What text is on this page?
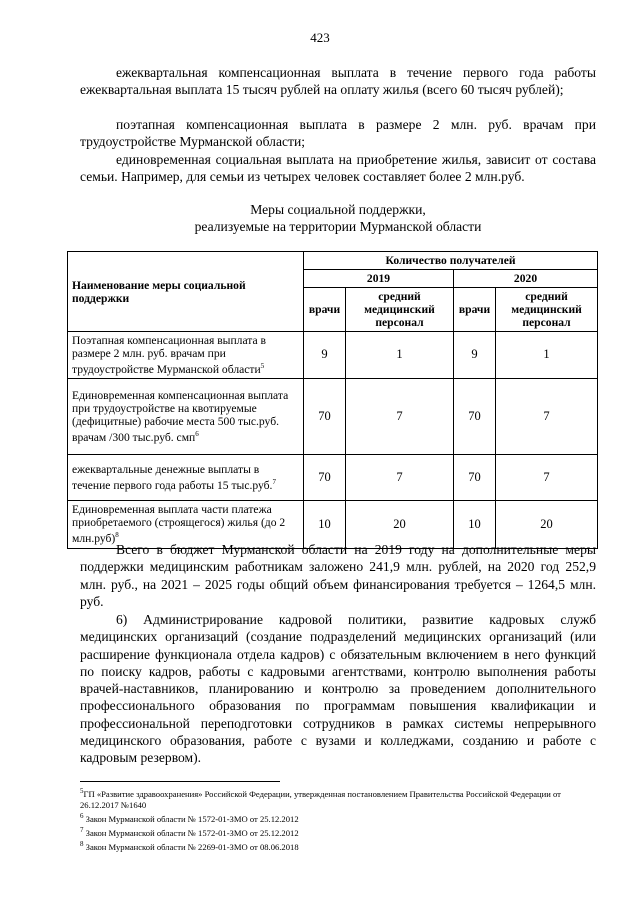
423

ежеквартальная компенсационная выплата в течение первого года работы ежеквартальная выплата 15 тысяч рублей на оплату жилья (всего 60 тысяч рублей);

поэтапная компенсационная выплата в размере 2 млн. руб. врачам при трудоустройстве Мурманской области;

единовременная социальная выплата на приобретение жилья, зависит от состава семьи. Например, для семьи из четырех человек составляет более 2 млн.руб.

Меры социальной поддержки,
реализуемые на территории Мурманской области
Наименование меры социальной поддержки	Количество получателей			
	2019		2020	
	врачи	средний медицинский персонал	врачи	средний медицинский персонал
Поэтапная компенсационная выплата в размере 2 млн. руб. врачам при трудоустройстве Мурманской области$^5$	9	1	9	1
Единовременная компенсационная выплата при трудоустройстве на квотируемые (дефицитные) рабочие места 500 тыс.руб. врачам /300 тыс.руб. смп$^6$	70	7	70	7
ежеквартальные денежные выплаты в течение первого года работы 15 тыс.руб.$^7$	70	7	70	7
Единовременная выплата части платежа приобретаемого (строящегося) жилья (до 2 млн.руб)$^8$	10	20	10	20

Всего в бюджет Мурманской области на 2019 году на дополнительные меры поддержки медицинским работникам заложено 241,9 млн. рублей, на 2020 год 252,9 млн. руб., на 2021 – 2025 годы общий объем финансирования требуется – 1264,5 млн. руб.

6) Администрирование кадровой политики, развитие кадровых служб медицинских организаций (создание подразделений медицинских организаций (или расширение функционала отдела кадров) с обязательным включением в него функций по поиску кадров, работы с кадровыми агентствами, контролю выполнения работы врачей-наставников, планированию и контролю за проведением дополнительного профессионального образования по программам повышения квалификации и профессиональной переподготовки сотрудников в рамках системы непрерывного медицинского образования, работе с вузами и колледжами, созданию и работе с кадровым резервом).

$^5$ГП «Развитие здравоохранения» Российской Федерации, утвержденная постановлением Правительства Российской Федерации от 26.12.2017 №1640

$^6$ Закон Мурманской области № 1572-01-ЗМО от 25.12.2012

$^7$ Закон Мурманской области № 1572-01-ЗМО от 25.12.2012

$^8$ Закон Мурманской области № 2269-01-ЗМО от 08.06.2018
